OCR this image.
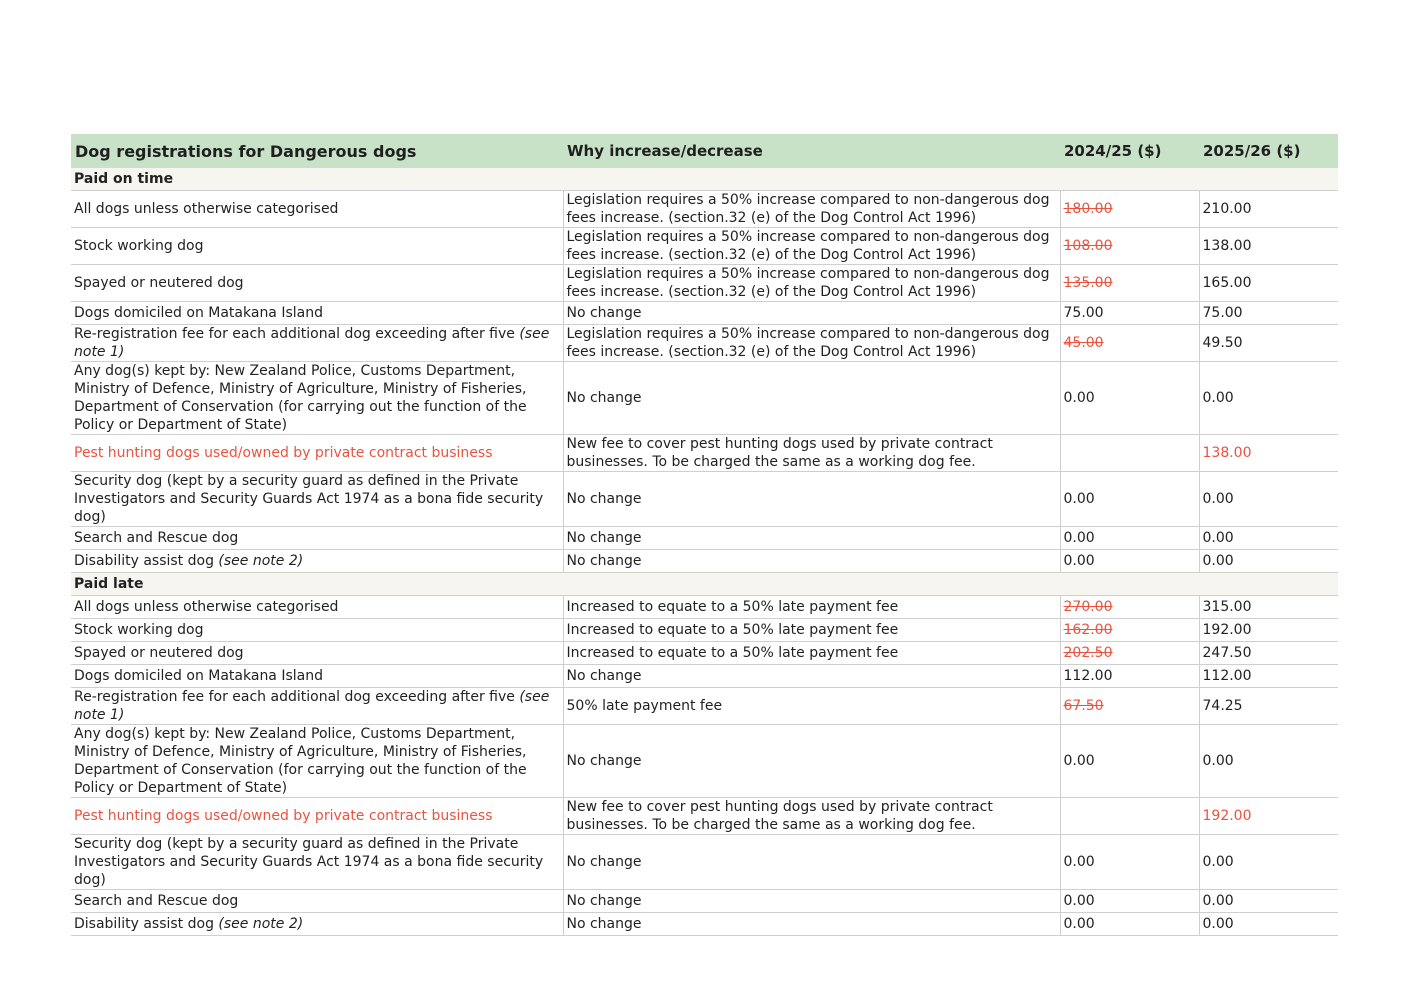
Dog registrations for Dangerous dogs	Why increase/decrease	2024/25 ($)	2025/26 ($)
Paid on time			
All dogs unless otherwise categorised	Legislation requires a 50% increase compared to non-dangerous dog fees increase. (section.32 (e) of the Dog Control Act 1996)	180.00	210.00
Stock working dog	Legislation requires a 50% increase compared to non-dangerous dog fees increase. (section.32 (e) of the Dog Control Act 1996)	108.00	138.00
Spayed or neutered dog	Legislation requires a 50% increase compared to non-dangerous dog fees increase. (section.32 (e) of the Dog Control Act 1996)	135.00	165.00
Dogs domiciled on Matakana Island	No change	75.00	75.00
Re-registration fee for each additional dog exceeding after five (see note 1)	Legislation requires a 50% increase compared to non-dangerous dog fees increase. (section.32 (e) of the Dog Control Act 1996)	45.00	49.50
Any dog(s) kept by: New Zealand Police, Customs Department, Ministry of Defence, Ministry of Agriculture, Ministry of Fisheries, Department of Conservation (for carrying out the function of the Policy or Department of State)	No change	0.00	0.00
Pest hunting dogs used/owned by private contract business	New fee to cover pest hunting dogs used by private contract businesses. To be charged the same as a working dog fee.		138.00
Security dog (kept by a security guard as defined in the Private Investigators and Security Guards Act 1974 as a bona fide security dog)	No change	0.00	0.00
Search and Rescue dog	No change	0.00	0.00
Disability assist dog (see note 2)	No change	0.00	0.00
Paid late			
All dogs unless otherwise categorised	Increased to equate to a 50% late payment fee	270.00	315.00
Stock working dog	Increased to equate to a 50% late payment fee	162.00	192.00
Spayed or neutered dog	Increased to equate to a 50% late payment fee	202.50	247.50
Dogs domiciled on Matakana Island	No change	112.00	112.00
Re-registration fee for each additional dog exceeding after five (see note 1)	50% late payment fee	67.50	74.25
Any dog(s) kept by: New Zealand Police, Customs Department, Ministry of Defence, Ministry of Agriculture, Ministry of Fisheries, Department of Conservation (for carrying out the function of the Policy or Department of State)	No change	0.00	0.00
Pest hunting dogs used/owned by private contract business	New fee to cover pest hunting dogs used by private contract businesses. To be charged the same as a working dog fee.		192.00
Security dog (kept by a security guard as defined in the Private Investigators and Security Guards Act 1974 as a bona fide security dog)	No change	0.00	0.00
Search and Rescue dog	No change	0.00	0.00
Disability assist dog (see note 2)	No change	0.00	0.00
